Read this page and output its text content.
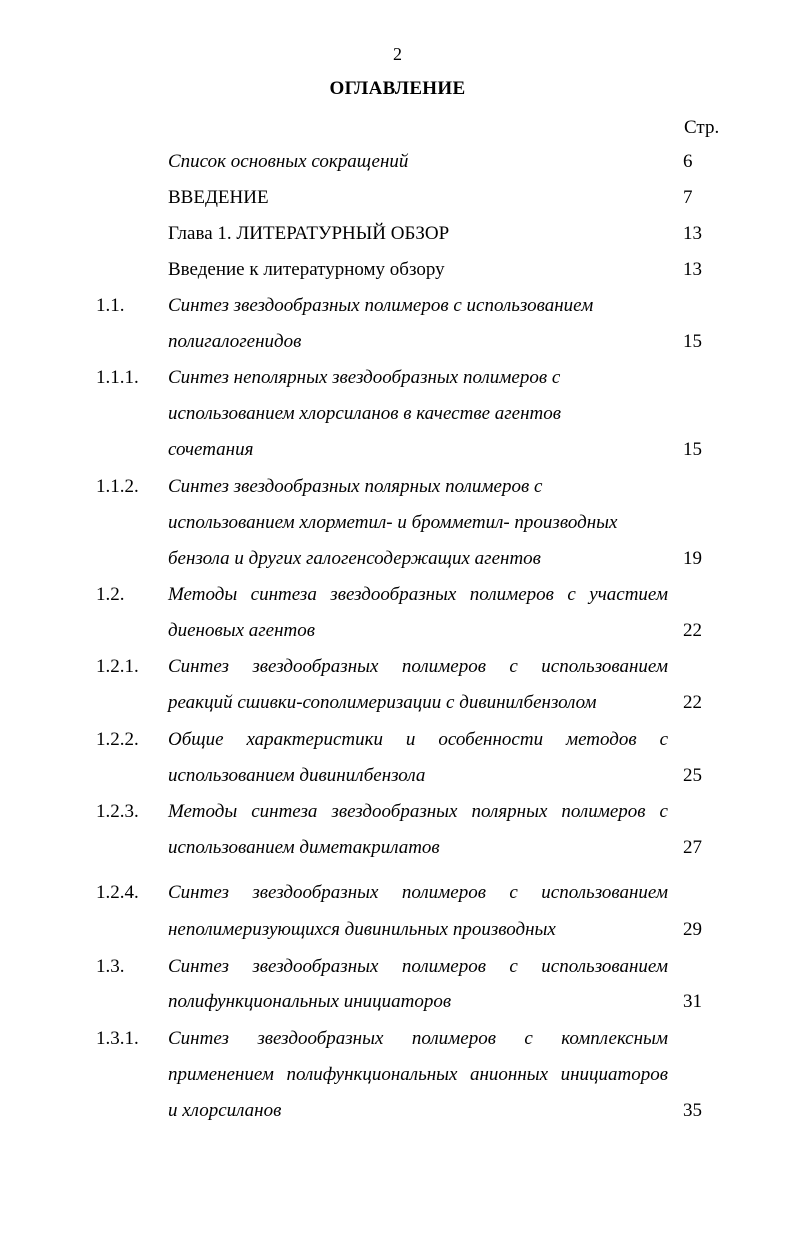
2
ОГЛАВЛЕНИЕ
Стр.
Список основных сокращений	6
ВВЕДЕНИЕ	7
Глава 1. ЛИТЕРАТУРНЫЙ ОБЗОР	13
Введение к литературному обзору	13
1.1. Синтез звездообразных полимеров с использованием
полигалогенидов	15
1.1.1. Синтез неполярных звездообразных полимеров с
использованием хлорсиланов в качестве агентов
сочетания	15
1.1.2. Синтез звездообразных полярных полимеров с
использованием хлорметил- и бромметил- производных
бензола и других галогенсодержащих агентов	19
1.2. Методы синтеза звездообразных полимеров с участием
диеновых агентов	22
1.2.1. Синтез звездообразных полимеров с использованием
реакций сшивки-сополимеризации с дивинилбензолом	22
1.2.2. Общие характеристики и особенности методов с
использованием дивинилбензола	25
1.2.3. Методы синтеза звездообразных полярных полимеров с
использованием диметакрилатов	27
1.2.4. Синтез звездообразных полимеров с использованием
неполимеризующихся дивинильных производных	29
1.3. Синтез звездообразных полимеров с использованием
полифункциональных инициаторов	31
1.3.1. Синтез звездообразных полимеров с комплексным
применением полифункциональных анионных инициаторов
и хлорсиланов	35
